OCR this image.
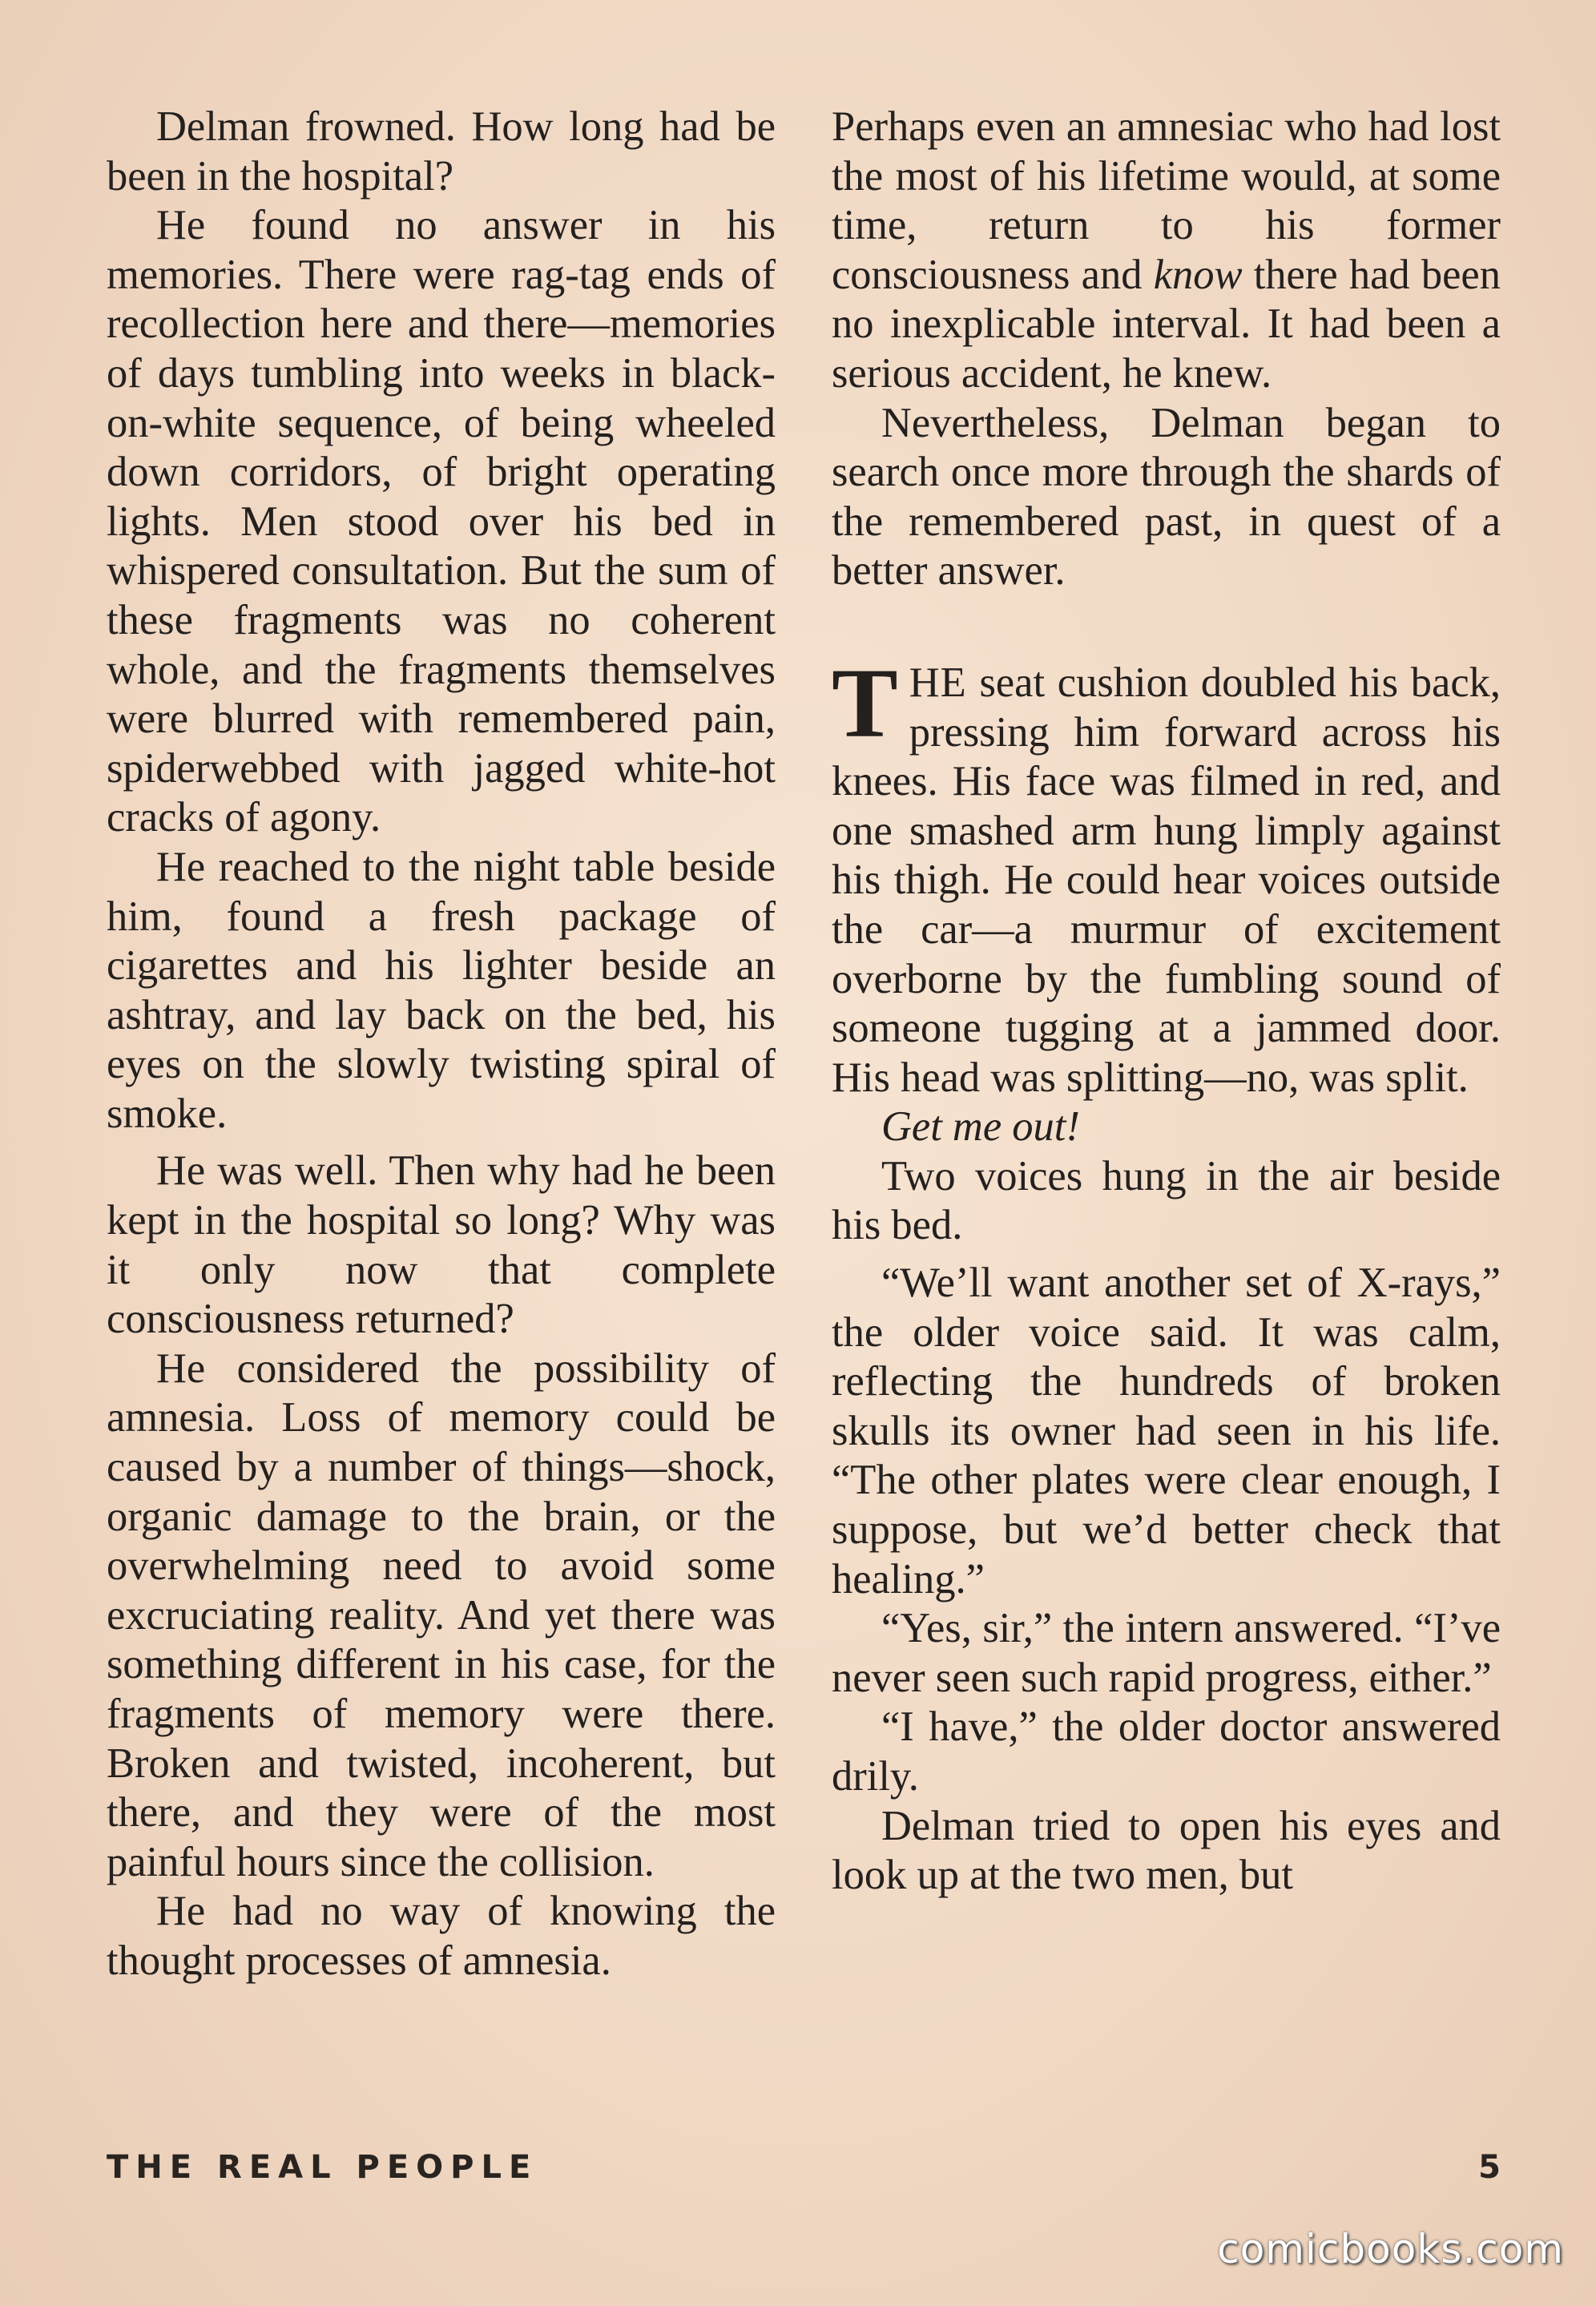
Delman frowned. How long had be been in the hospital?

He found no answer in his memories. There were rag-tag ends of recollection here and there—memories of days tumbling into weeks in black-on-white sequence, of being wheeled down corridors, of bright operating lights. Men stood over his bed in whispered consultation. But the sum of these fragments was no coherent whole, and the fragments themselves were blurred with remembered pain, spiderwebbed with jagged white-hot cracks of agony.

He reached to the night table beside him, found a fresh package of cigarettes and his lighter beside an ashtray, and lay back on the bed, his eyes on the slowly twisting spiral of smoke.

He was well. Then why had he been kept in the hospital so long? Why was it only now that complete consciousness returned?

He considered the possibility of amnesia. Loss of memory could be caused by a number of things—shock, organic damage to the brain, or the overwhelming need to avoid some excruciating reality. And yet there was something different in his case, for the fragments of memory were there. Broken and twisted, incoherent, but there, and they were of the most painful hours since the collision.

He had no way of knowing the thought processes of amnesia.

Perhaps even an amnesiac who had lost the most of his lifetime would, at some time, return to his former consciousness and know there had been no inexplicable interval. It had been a serious accident, he knew.

Nevertheless, Delman began to search once more through the shards of the remembered past, in quest of a better answer.

THE seat cushion doubled his back, pressing him forward across his knees. His face was filmed in red, and one smashed arm hung limply against his thigh. He could hear voices outside the car—a murmur of excitement overborne by the fumbling sound of someone tugging at a jammed door. His head was splitting—no, was split.

Get me out!

Two voices hung in the air beside his bed.

“We’ll want another set of X-rays,” the older voice said. It was calm, reflecting the hundreds of broken skulls its owner had seen in his life. “The other plates were clear enough, I suppose, but we’d better check that healing.”

“Yes, sir,” the intern answered. “I’ve never seen such rapid progress, either.”

“I have,” the older doctor answered drily.

Delman tried to open his eyes and look up at the two men, but

THE REAL PEOPLE	5
comicbooks.com
